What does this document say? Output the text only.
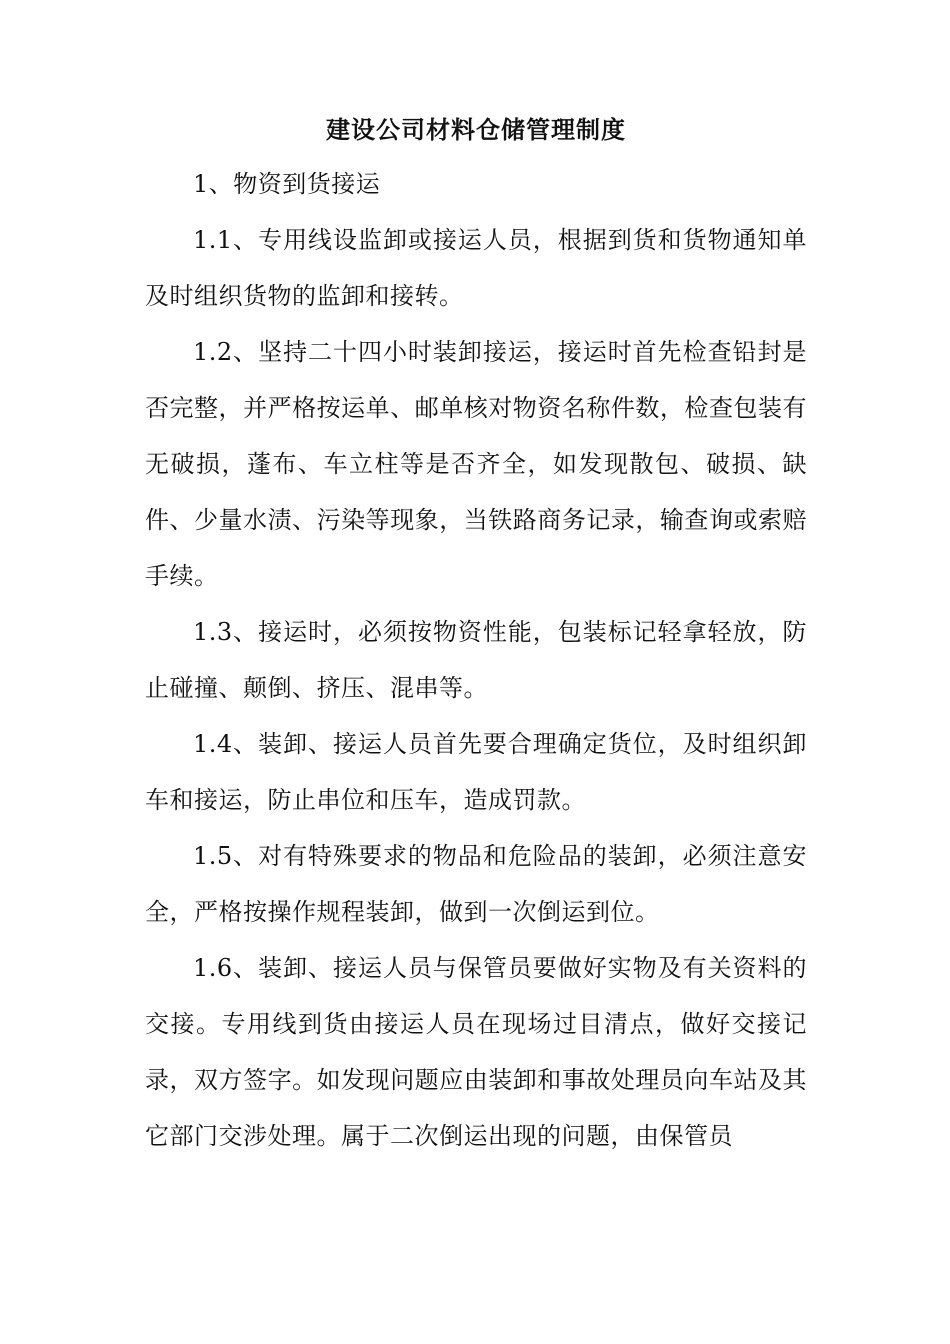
建设公司材料仓储管理制度

1、物资到货接运

1.1、专用线设监卸或接运人员，根据到货和货物通知单及时组织货物的监卸和接转。

1.2、坚持二十四小时装卸接运，接运时首先检查铅封是否完整，并严格按运单、邮单核对物资名称件数，检查包装有无破损，蓬布、车立柱等是否齐全，如发现散包、破损、缺件、少量水渍、污染等现象，当铁路商务记录，输查询或索赔手续。

1.3、接运时，必须按物资性能，包装标记轻拿轻放，防止碰撞、颠倒、挤压、混串等。

1.4、装卸、接运人员首先要合理确定货位，及时组织卸车和接运，防止串位和压车，造成罚款。

1.5、对有特殊要求的物品和危险品的装卸，必须注意安全，严格按操作规程装卸，做到一次倒运到位。

1.6、装卸、接运人员与保管员要做好实物及有关资料的交接。专用线到货由接运人员在现场过目清点，做好交接记录，双方签字。如发现问题应由装卸和事故处理员向车站及其它部门交涉处理。属于二次倒运出现的问题，由保管员
